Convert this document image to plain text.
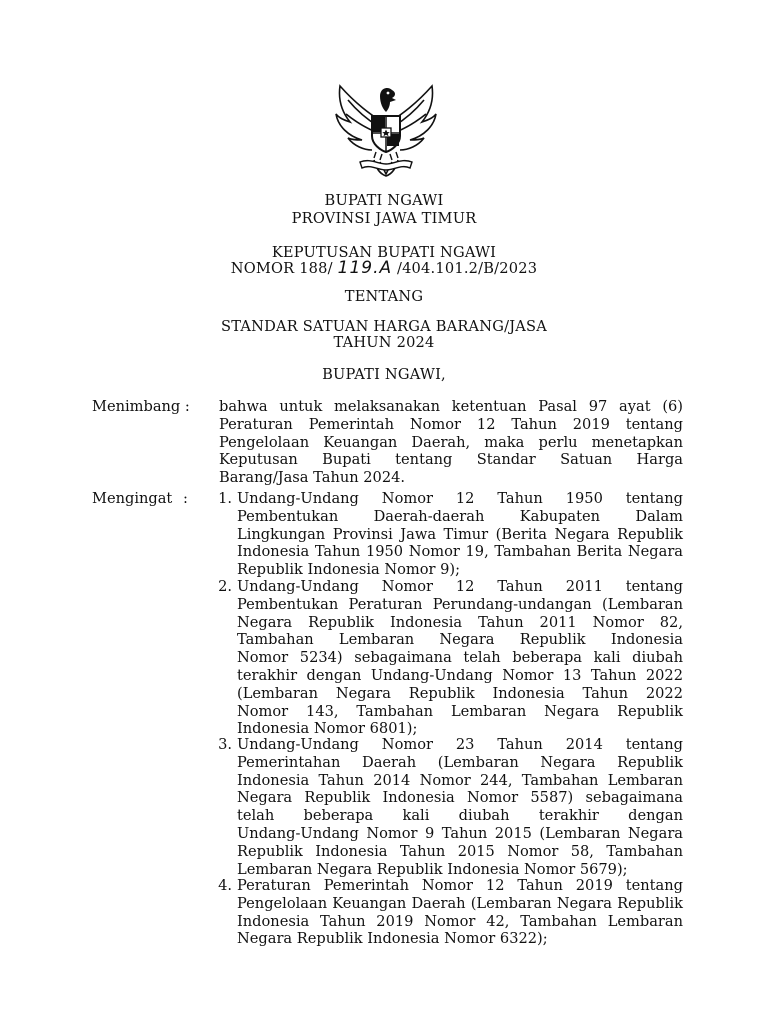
BUPATI NGAWI
PROVINSI JAWA TIMUR
KEPUTUSAN BUPATI NGAWI
NOMOR 188/ 119.A /404.101.2/B/2023
TENTANG
STANDAR SATUAN HARGA BARANG/JASA
TAHUN 2024
BUPATI NGAWI,
Menimbang : bahwa untuk melaksanakan ketentuan Pasal 97 ayat (6)
Peraturan Pemerintah Nomor 12 Tahun 2019 tentang
Pengelolaan Keuangan Daerah, maka perlu menetapkan
Keputusan Bupati tentang Standar Satuan Harga
Barang/Jasa Tahun 2024.
Mengingat :	1. Undang-Undang Nomor 12 Tahun 1950 tentang
Pembentukan Daerah-daerah Kabupaten Dalam
Lingkungan Provinsi Jawa Timur (Berita Negara Republik
Indonesia Tahun 1950 Nomor 19, Tambahan Berita Negara
Republik Indonesia Nomor 9);
2. Undang-Undang Nomor 12 Tahun 2011 tentang
Pembentukan Peraturan Perundang-undangan (Lembaran
Negara Republik Indonesia Tahun 2011 Nomor 82,
Tambahan Lembaran Negara Republik Indonesia
Nomor 5234) sebagaimana telah beberapa kali diubah
terakhir dengan Undang-Undang Nomor 13 Tahun 2022
(Lembaran Negara Republik Indonesia Tahun 2022
Nomor 143, Tambahan Lembaran Negara Republik
Indonesia Nomor 6801);
3. Undang-Undang Nomor 23 Tahun 2014 tentang
Pemerintahan Daerah (Lembaran Negara Republik
Indonesia Tahun 2014 Nomor 244, Tambahan Lembaran
Negara Republik Indonesia Nomor 5587) sebagaimana
telah beberapa kali diubah terakhir dengan
Undang-Undang Nomor 9 Tahun 2015 (Lembaran Negara
Republik Indonesia Tahun 2015 Nomor 58, Tambahan
Lembaran Negara Republik Indonesia Nomor 5679);
4. Peraturan Pemerintah Nomor 12 Tahun 2019 tentang
Pengelolaan Keuangan Daerah (Lembaran Negara Republik
Indonesia Tahun 2019 Nomor 42, Tambahan Lembaran
Negara Republik Indonesia Nomor 6322);
